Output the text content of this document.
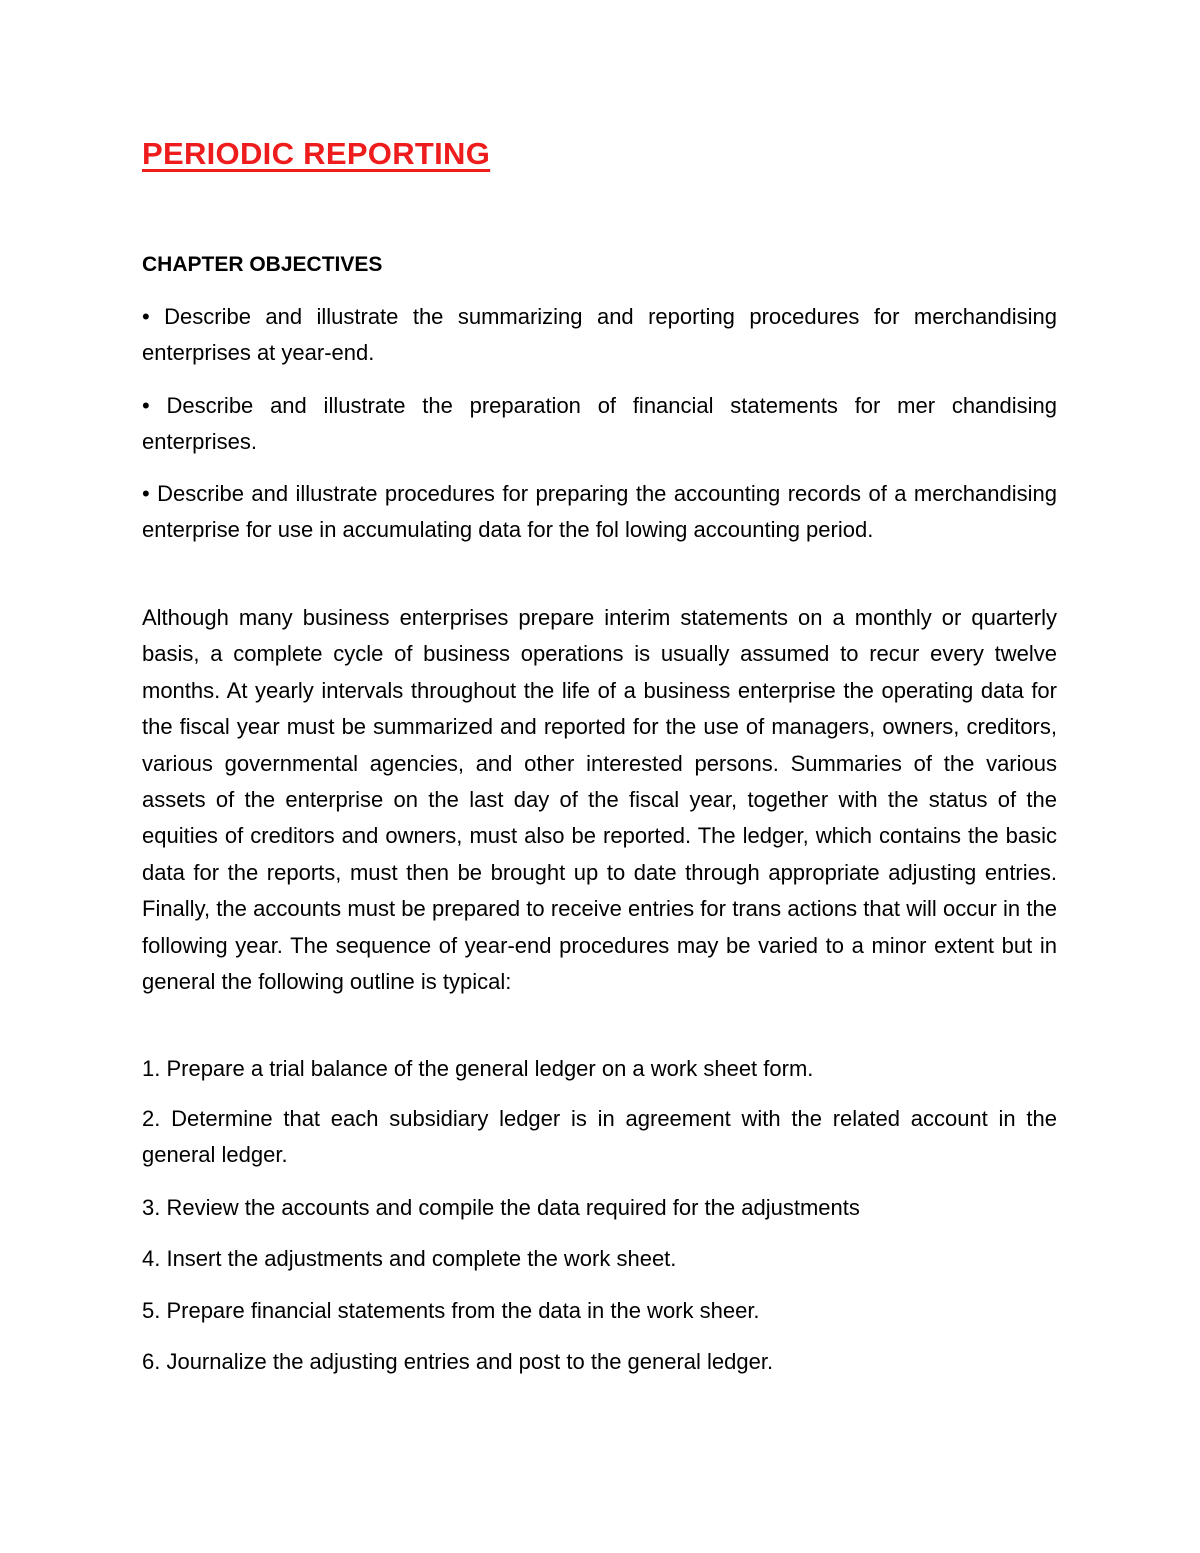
PERIODIC REPORTING
CHAPTER OBJECTIVES

• Describe and illustrate the summarizing and reporting procedures for merchandising enterprises at year-end.

• Describe and illustrate the preparation of financial statements for mer chandising enterprises.

• Describe and illustrate procedures for preparing the accounting records of a merchandising enterprise for use in accumulating data for the fol lowing accounting period.

Although many business enterprises prepare interim statements on a monthly or quarterly basis, a complete cycle of business operations is usually assumed to recur every twelve months. At yearly intervals throughout the life of a business enterprise the operating data for the fiscal year must be summarized and reported for the use of managers, owners, creditors, various governmental agencies, and other interested persons. Summaries of the various assets of the enterprise on the last day of the fiscal year, together with the status of the equities of creditors and owners, must also be reported. The ledger, which contains the basic data for the reports, must then be brought up to date through appropriate adjusting entries. Finally, the accounts must be prepared to receive entries for trans actions that will occur in the following year. The sequence of year-end procedures may be varied to a minor extent but in general the following outline is typical:

1. Prepare a trial balance of the general ledger on a work sheet form.

2. Determine that each subsidiary ledger is in agreement with the related account in the general ledger.

3. Review the accounts and compile the data required for the adjustments

4. Insert the adjustments and complete the work sheet.

5. Prepare financial statements from the data in the work sheer.

6. Journalize the adjusting entries and post to the general ledger.
